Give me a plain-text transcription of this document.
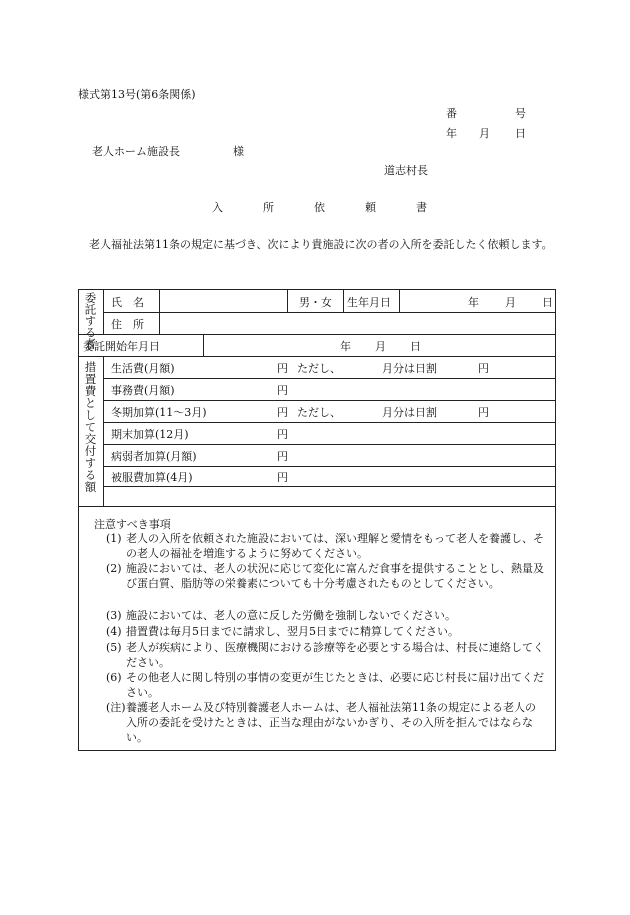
様式第13号(第6条関係)
番	号
年 月 日
老人ホーム施設長	様
道志村長
入	所	依	頼	書
老人福祉法第11条の規定に基づき、次により貴施設に次の者の入所を委託したく依頼します。
委託する者
措置費として交付する額
氏　名	男・女 生年月日	年 月 日
住　所
委託開始年月日	年 月 日
生活費(月額)	円 ただし、	月分は日割	円
事務費(月額)	円
冬期加算(11～3月)	円 ただし、	月分は日割	円
期末加算(12月)	円
病弱者加算(月額)	円
被服費加算(4月)	円
注意すべき事項
(1) 老人の入所を依頼された施設においては、深い理解と愛情をもって老人を養護し、その老人の福祉を増進するように努めてください。
(2) 施設においては、老人の状況に応じて変化に富んだ食事を提供することとし、熱量及び蛋白質、脂肪等の栄養素についても十分考慮されたものとしてください。
(3) 施設においては、老人の意に反した労働を強制しないでください。
(4) 措置費は毎月5日までに請求し、翌月5日までに精算してください。
(5) 老人が疾病により、医療機関における診療等を必要とする場合は、村長に連絡してください。
(6) その他老人に関し特別の事情の変更が生じたときは、必要に応じ村長に届け出てください。
(注) 養護老人ホーム及び特別養護老人ホームは、老人福祉法第11条の規定による老人の入所の委託を受けたときは、正当な理由がないかぎり、その入所を拒んではならない。
